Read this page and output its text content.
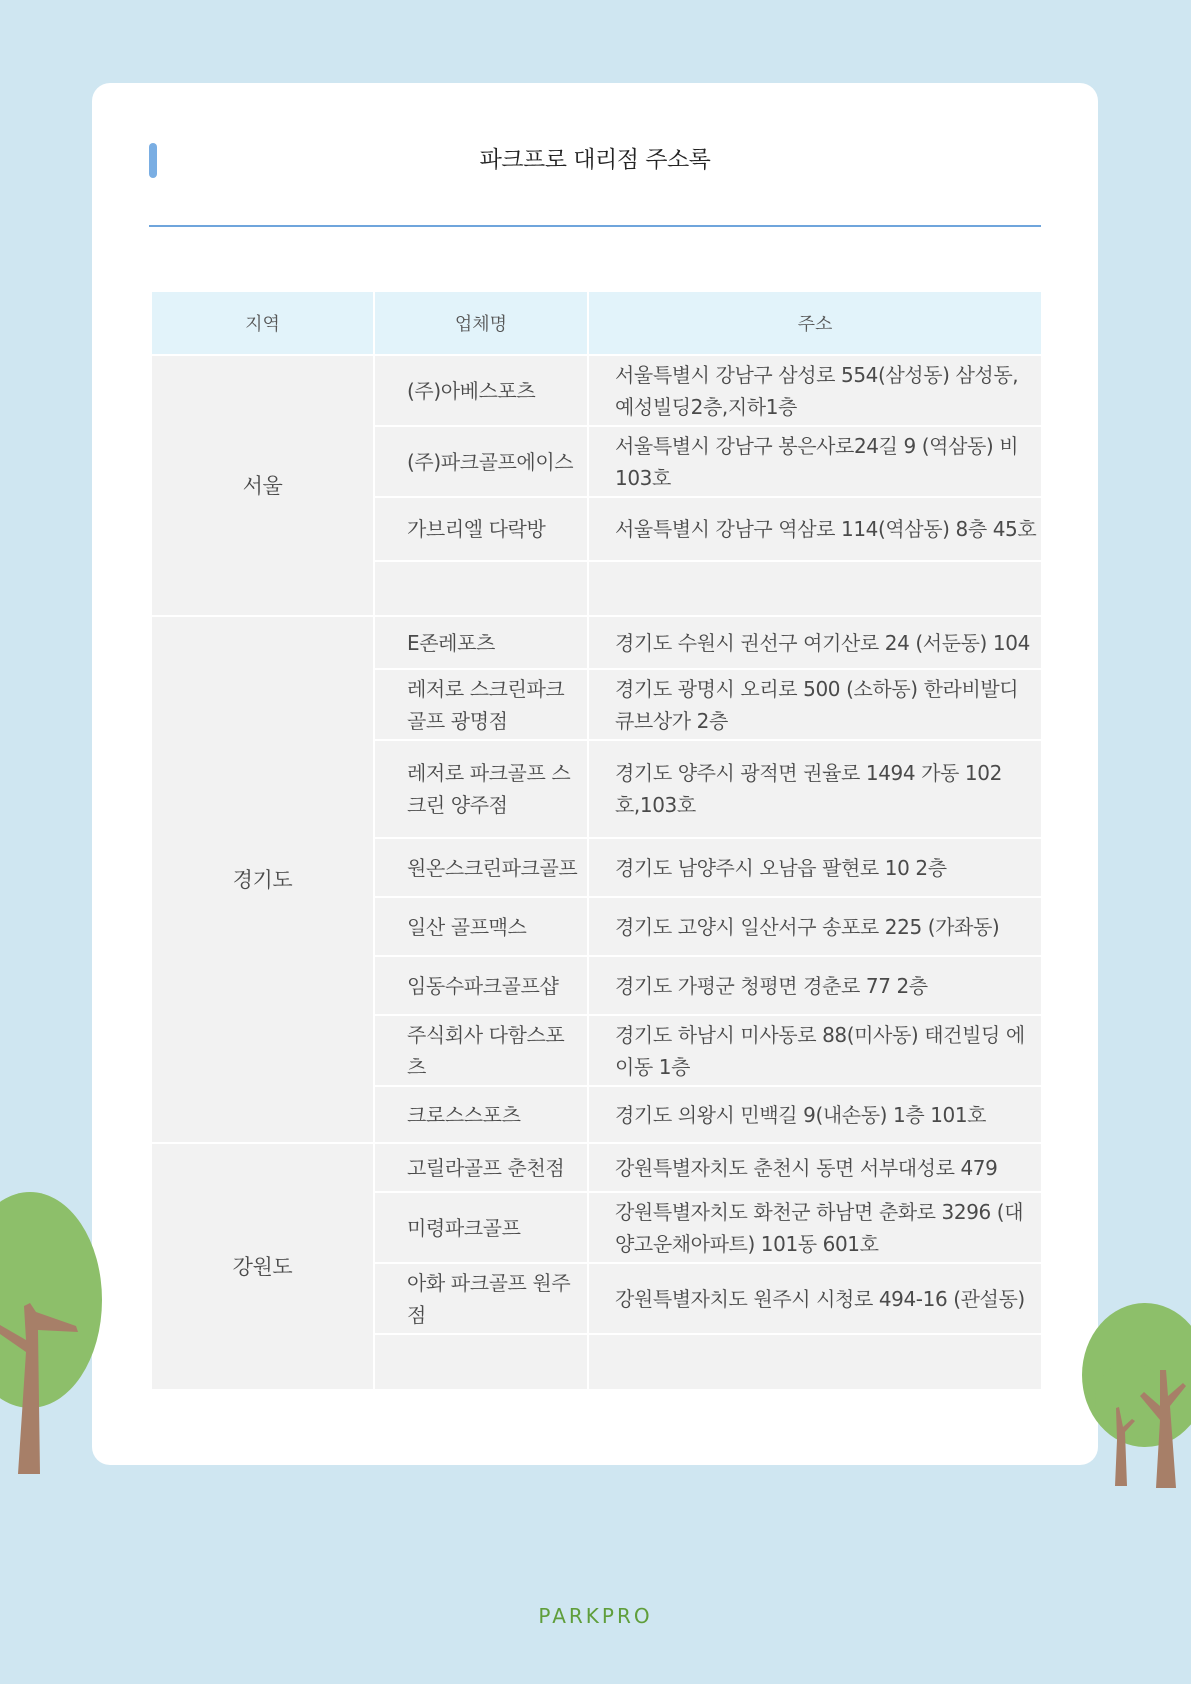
파크프로 대리점 주소록
지역	업체명	주소
서울	(주)아베스포츠	서울특별시 강남구 삼성로 554(삼성동) 삼성동, 예성빌딩2층,지하1층
	(주)파크골프에이스	서울특별시 강남구 봉은사로24길 9 (역삼동) 비 103호
	가브리엘 다락방	서울특별시 강남구 역삼로 114(역삼동) 8층 45호

경기도	E존레포츠	경기도 수원시 권선구 여기산로 24 (서둔동) 104
	레저로 스크린파크골프 광명점	경기도 광명시 오리로 500 (소하동) 한라비발디큐브상가 2층
	레저로 파크골프 스크린 양주점	경기도 양주시 광적면 권율로 1494 가동 102호,103호
	원온스크린파크골프	경기도 남양주시 오남읍 팔현로 10 2층
	일산 골프맥스	경기도 고양시 일산서구 송포로 225 (가좌동)
	임동수파크골프샵	경기도 가평군 청평면 경춘로 77 2층
	주식회사 다함스포츠	경기도 하남시 미사동로 88(미사동) 태건빌딩 에이동 1층
	크로스스포츠	경기도 의왕시 민백길 9(내손동) 1층 101호
강원도	고릴라골프 춘천점	강원특별자치도 춘천시 동면 서부대성로 479
	미령파크골프	강원특별자치도 화천군 하남면 춘화로 3296 (대양고운채아파트) 101동 601호
	아화 파크골프 원주점	강원특별자치도 원주시 시청로 494-16 (관설동)

PARKPRO
